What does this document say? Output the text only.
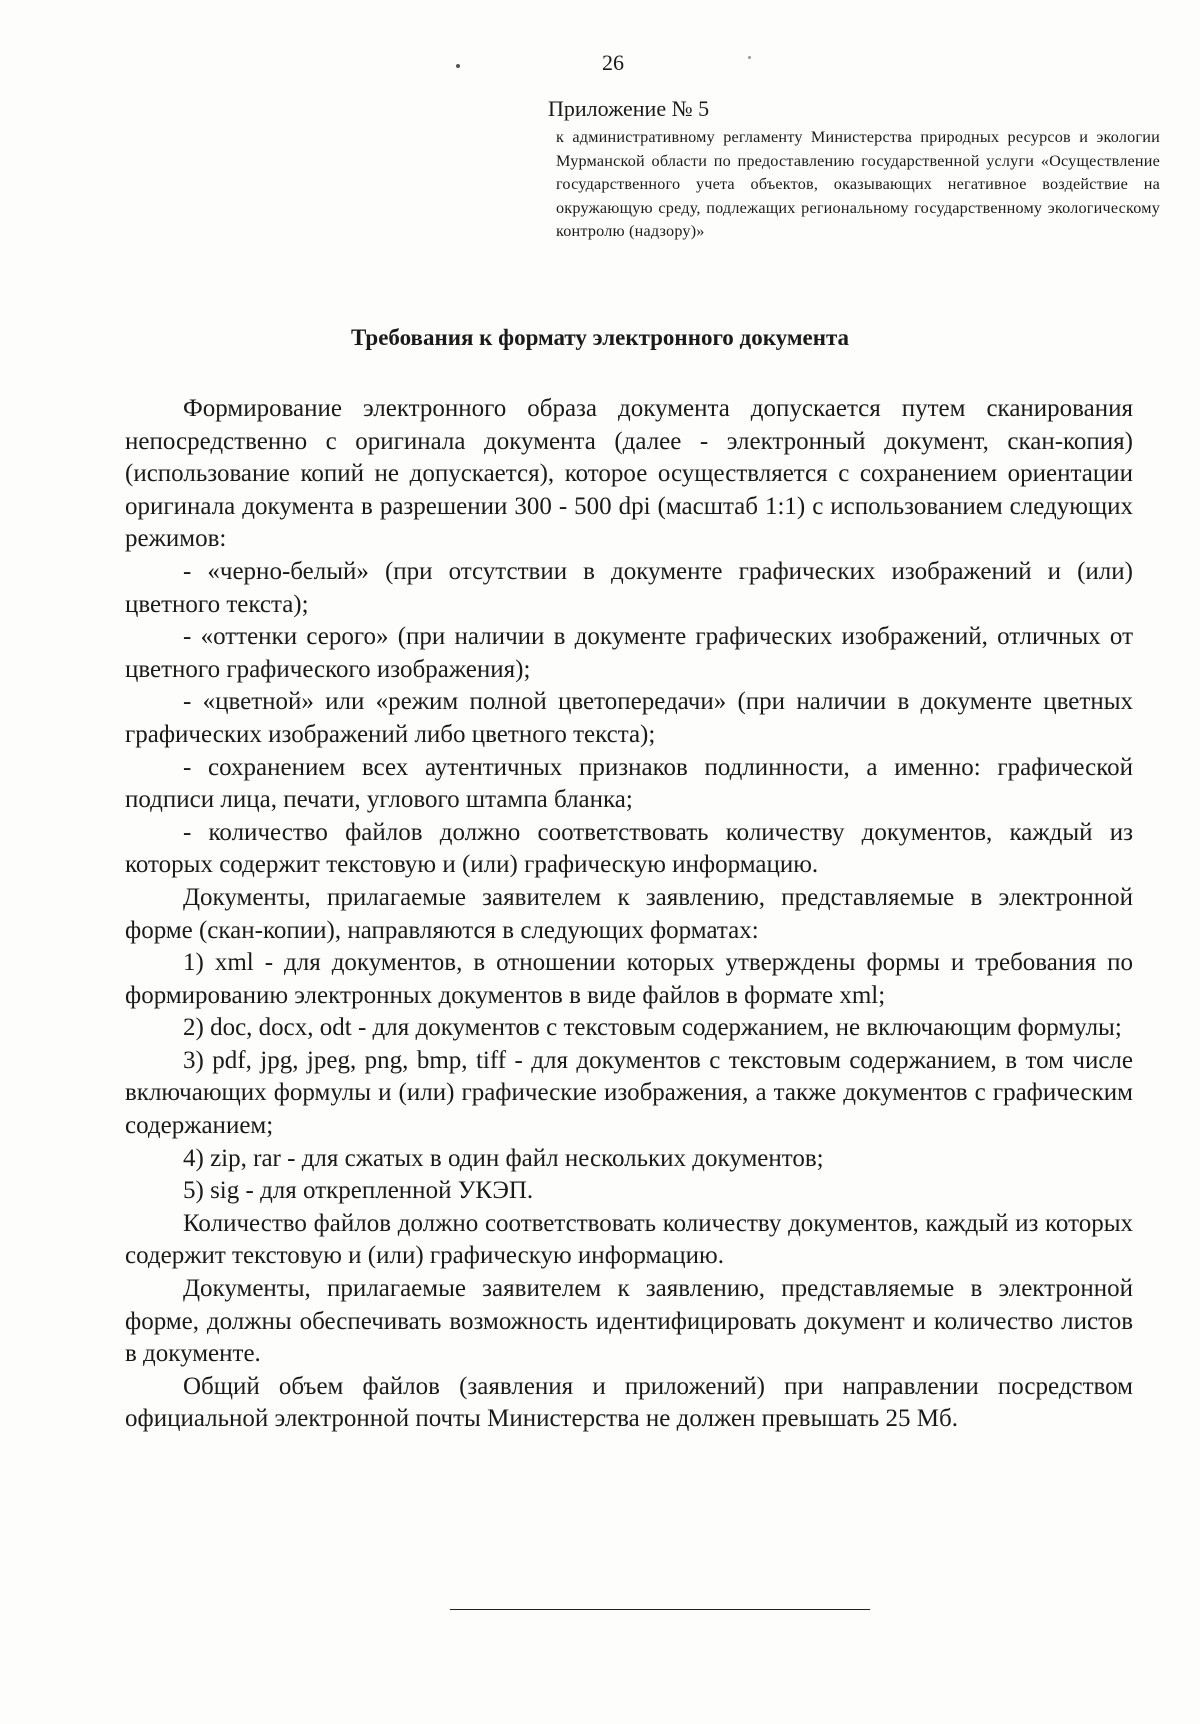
26
Приложение № 5

к административному регламенту Министерства природных ресурсов и экологии Мурманской области по предоставлению государственной услуги «Осуществление государственного учета объектов, оказывающих негативное воздействие на окружающую среду, подлежащих региональному государственному экологическому контролю (надзору)»

Требования к формату электронного документа

Формирование электронного образа документа допускается путем сканирования непосредственно с оригинала документа (далее - электронный документ, скан-копия) (использование копий не допускается), которое осуществляется с сохранением ориентации оригинала документа в разрешении 300 - 500 dpi (масштаб 1:1) с использованием следующих режимов:

- «черно-белый» (при отсутствии в документе графических изображений и (или) цветного текста);

- «оттенки серого» (при наличии в документе графических изображений, отличных от цветного графического изображения);

- «цветной» или «режим полной цветопередачи» (при наличии в документе цветных графических изображений либо цветного текста);

- сохранением всех аутентичных признаков подлинности, а именно: графической подписи лица, печати, углового штампа бланка;

- количество файлов должно соответствовать количеству документов, каждый из которых содержит текстовую и (или) графическую информацию.

Документы, прилагаемые заявителем к заявлению, представляемые в электронной форме (скан-копии), направляются в следующих форматах:

1) xml - для документов, в отношении которых утверждены формы и требования по формированию электронных документов в виде файлов в формате xml;

2) doc, docx, odt - для документов с текстовым содержанием, не включающим формулы;

3) pdf, jpg, jpeg, png, bmp, tiff - для документов с текстовым содержанием, в том числе включающих формулы и (или) графические изображения, а также документов с графическим содержанием;

4) zip, rar - для сжатых в один файл нескольких документов;

5) sig - для открепленной УКЭП.

Количество файлов должно соответствовать количеству документов, каждый из которых содержит текстовую и (или) графическую информацию.

Документы, прилагаемые заявителем к заявлению, представляемые в электронной форме, должны обеспечивать возможность идентифицировать документ и количество листов в документе.

Общий объем файлов (заявления и приложений) при направлении посредством официальной электронной почты Министерства не должен превышать 25 Мб.
